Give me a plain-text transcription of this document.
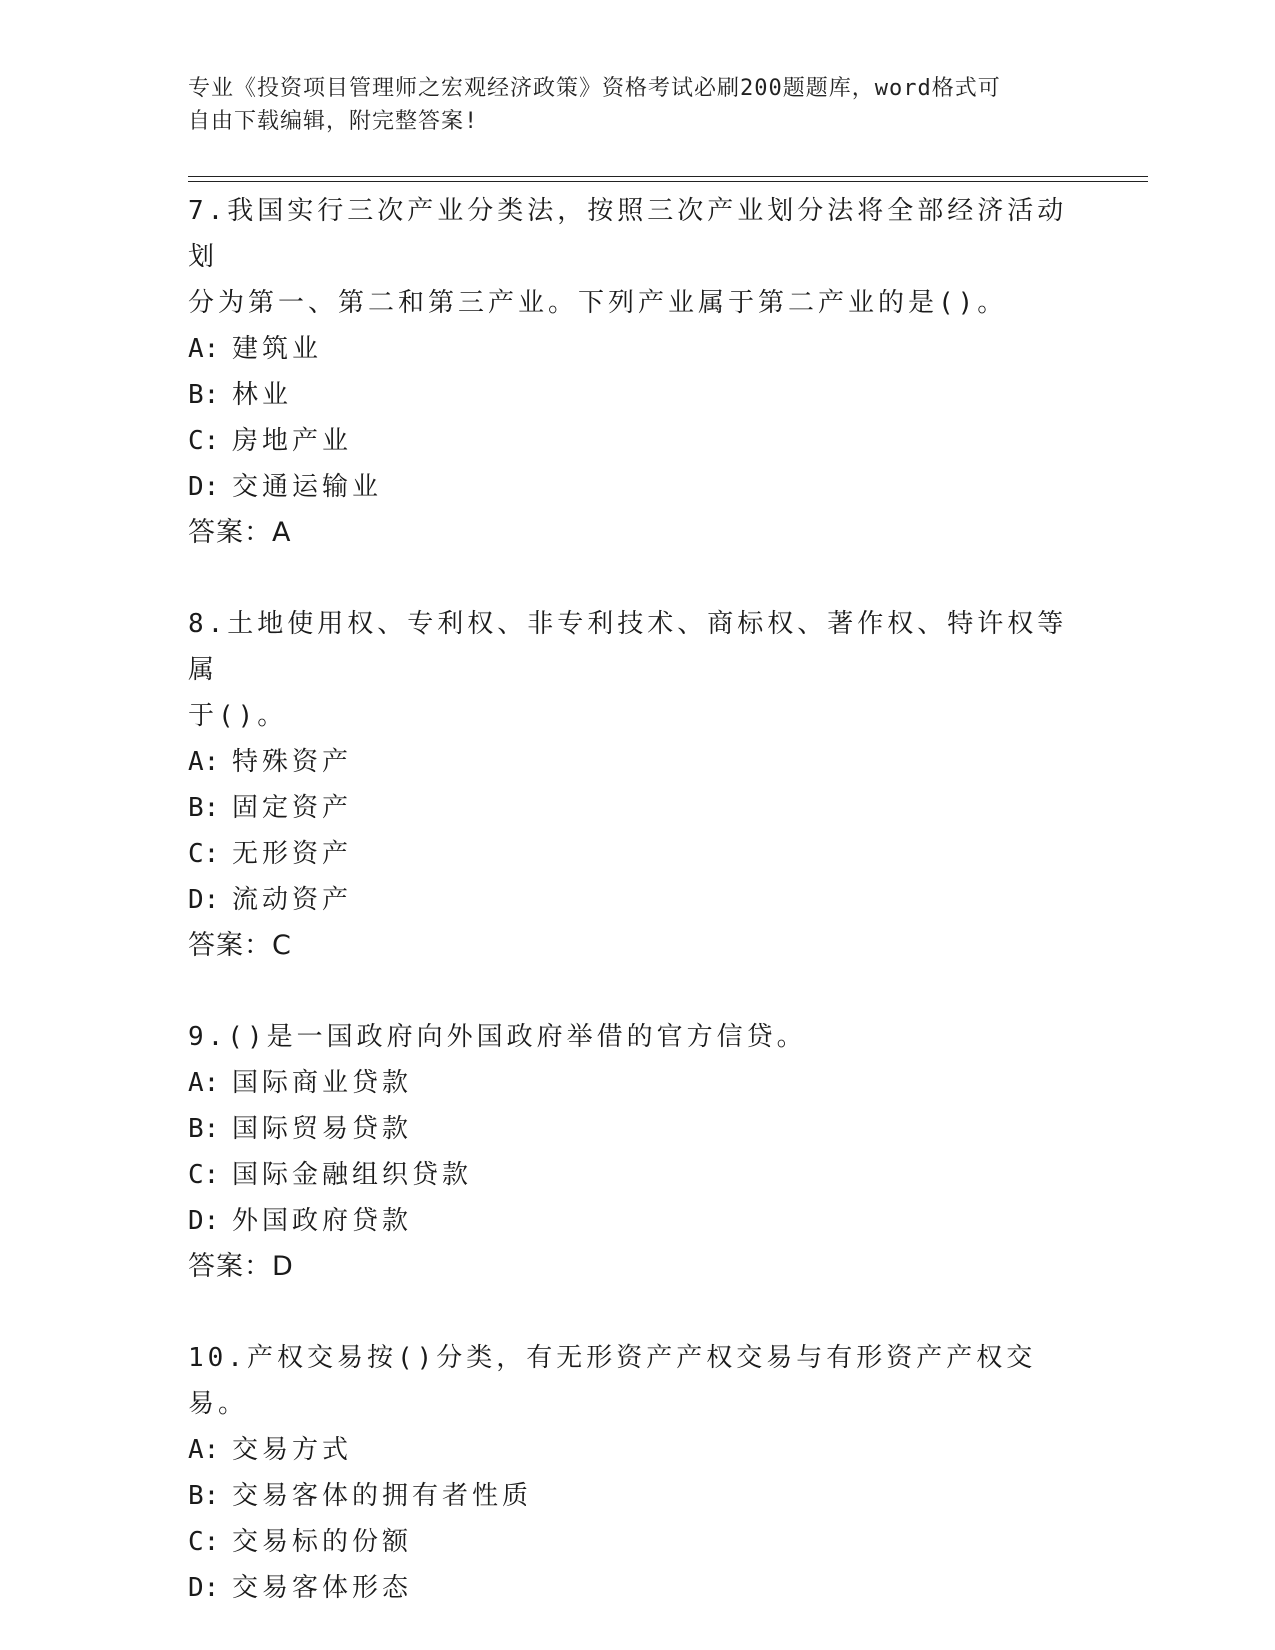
专业《投资项目管理师之宏观经济政策》资格考试必刷200题题库，word格式可
自由下载编辑，附完整答案!
7.我国实行三次产业分类法，按照三次产业划分法将全部经济活动划
分为第一、第二和第三产业。下列产业属于第二产业的是()。
A: 建筑业
B: 林业
C: 房地产业
D: 交通运输业
答案：A
8.土地使用权、专利权、非专利技术、商标权、著作权、特许权等属
于()。
A: 特殊资产
B: 固定资产
C: 无形资产
D: 流动资产
答案：C
9.()是一国政府向外国政府举借的官方信贷。
A: 国际商业贷款
B: 国际贸易贷款
C: 国际金融组织贷款
D: 外国政府贷款
答案：D
10.产权交易按()分类，有无形资产产权交易与有形资产产权交易。
A: 交易方式
B: 交易客体的拥有者性质
C: 交易标的份额
D: 交易客体形态
